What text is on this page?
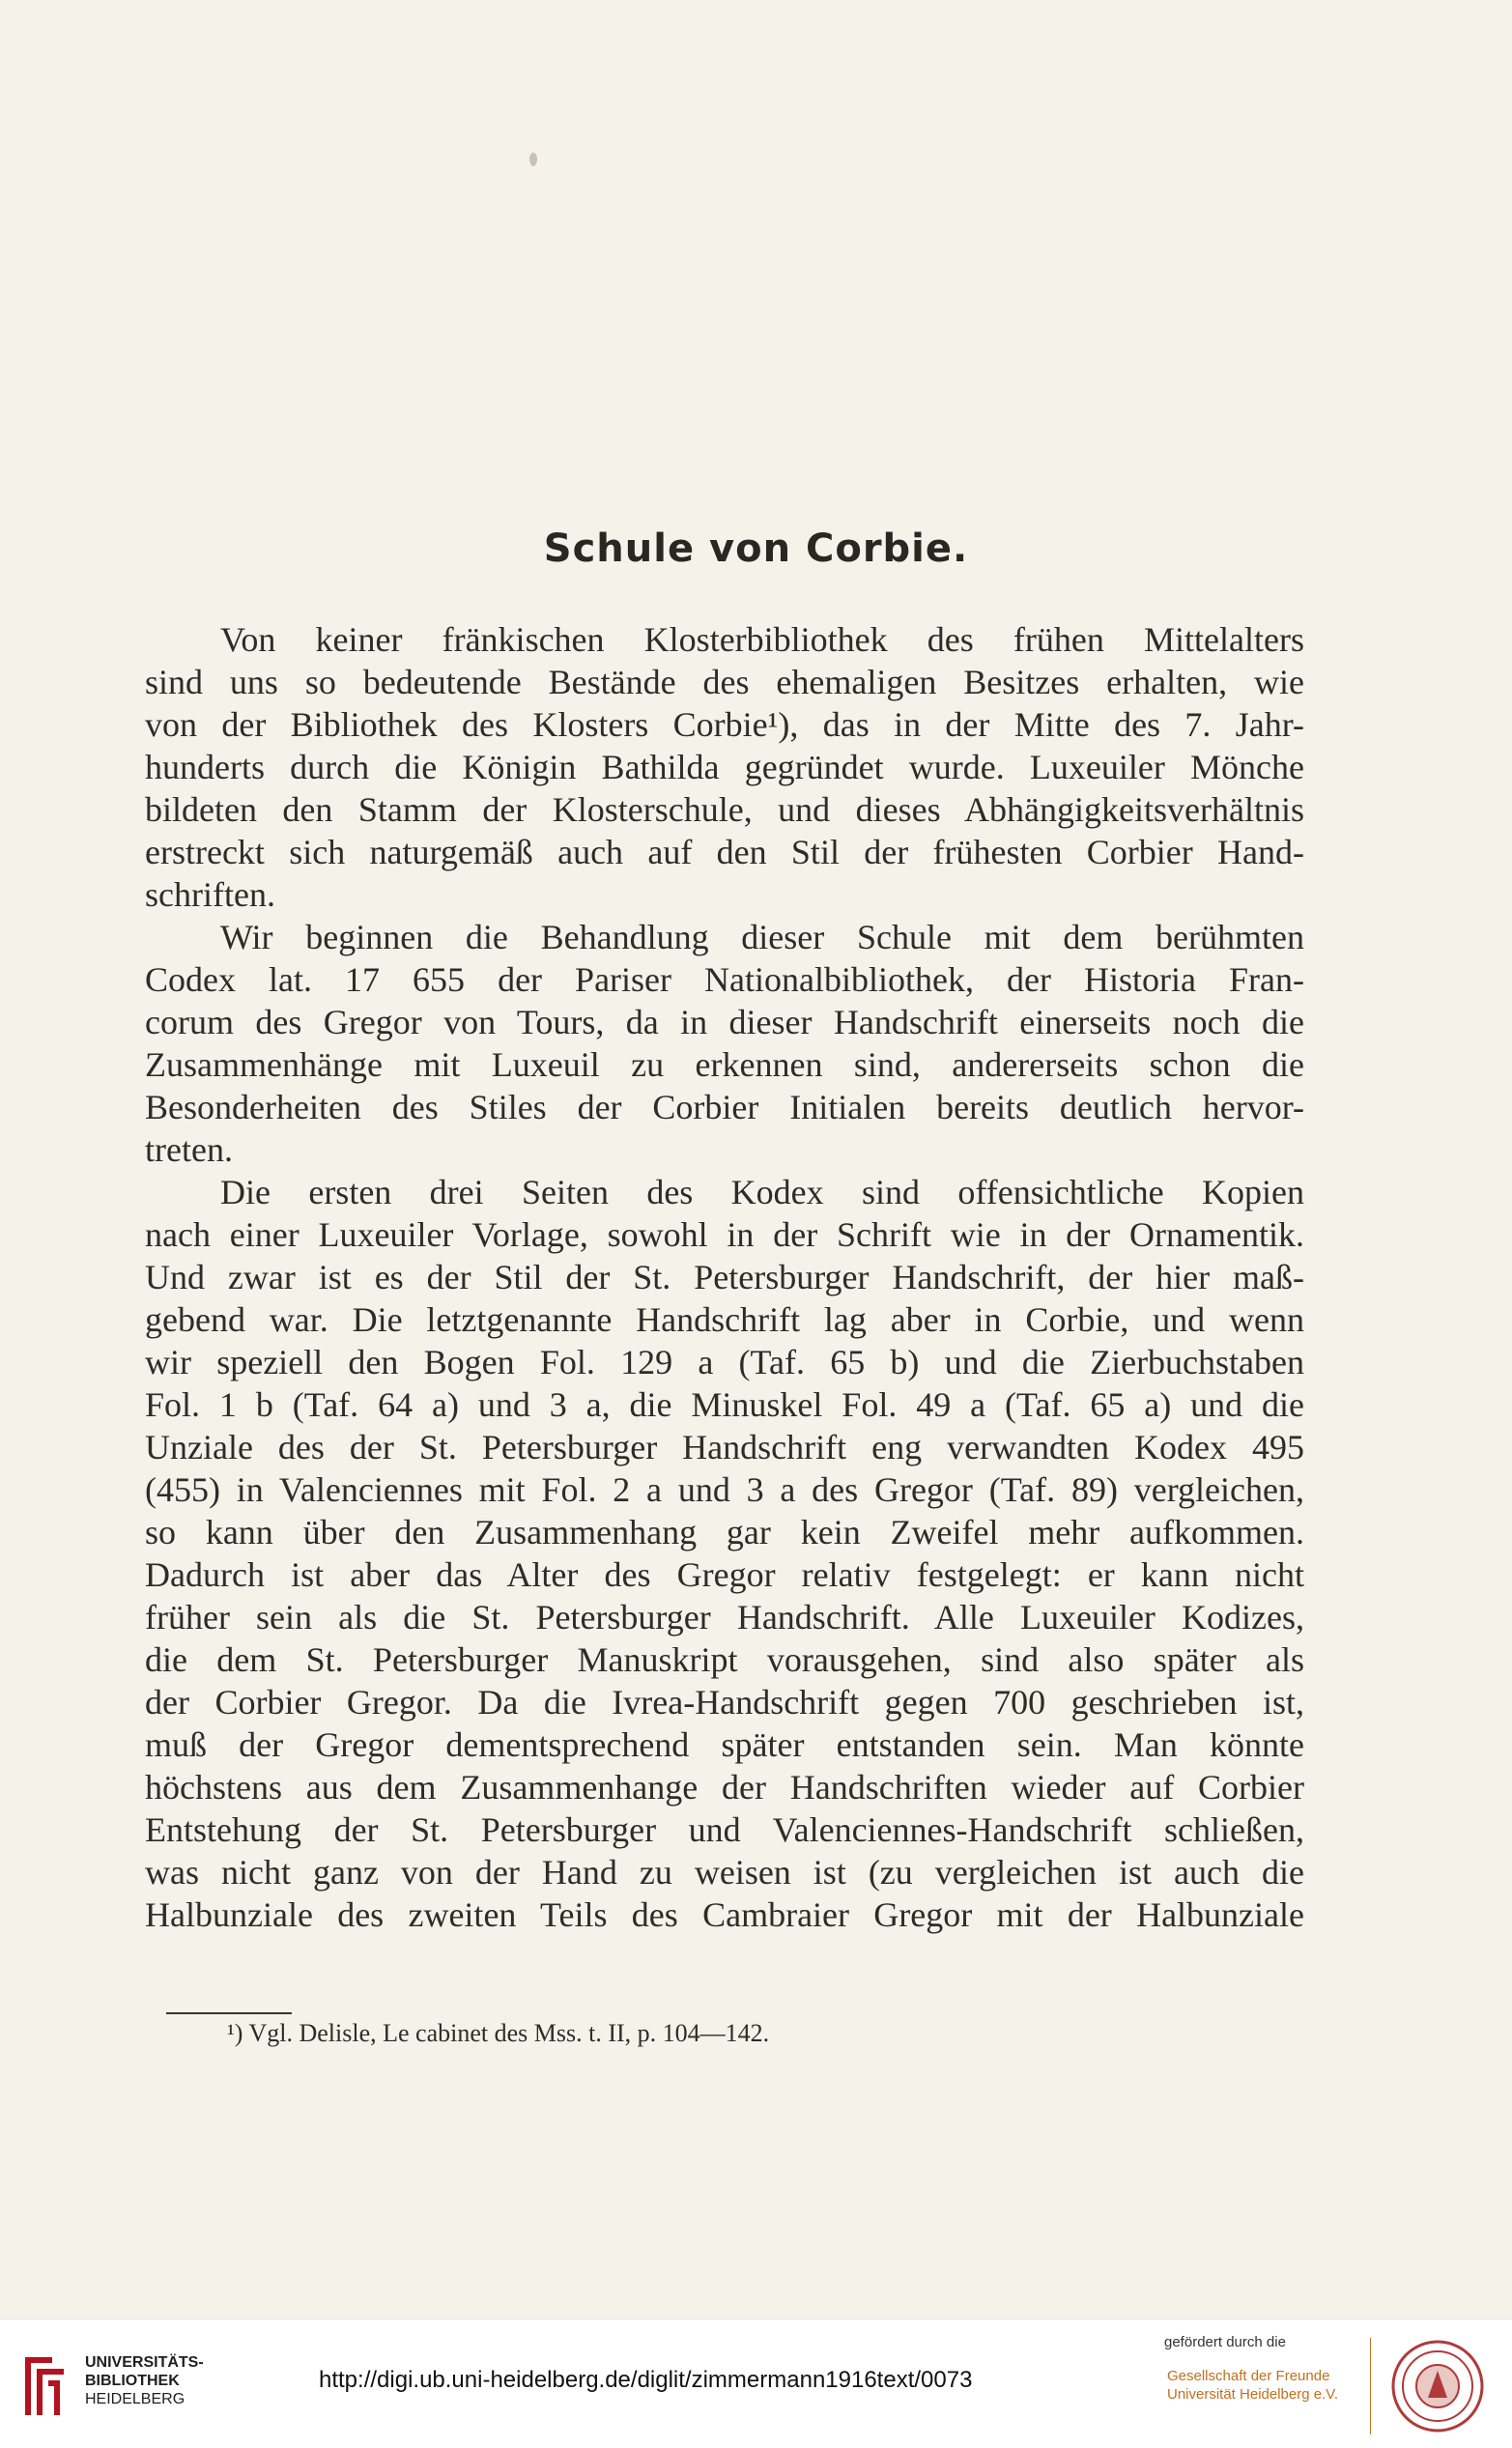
Schule von Corbie.

Von keiner fränkischen Klosterbibliothek des frühen Mittelalters
sind uns so bedeutende Bestände des ehemaligen Besitzes erhalten, wie
von der Bibliothek des Klosters Corbie¹), das in der Mitte des 7. Jahr-
hunderts durch die Königin Bathilda gegründet wurde. Luxeuiler Mönche
bildeten den Stamm der Klosterschule, und dieses Abhängigkeitsverhältnis
erstreckt sich naturgemäß auch auf den Stil der frühesten Corbier Hand-
schriften.

Wir beginnen die Behandlung dieser Schule mit dem berühmten
Codex lat. 17 655 der Pariser Nationalbibliothek, der Historia Fran-
corum des Gregor von Tours, da in dieser Handschrift einerseits noch die
Zusammenhänge mit Luxeuil zu erkennen sind, andererseits schon die
Besonderheiten des Stiles der Corbier Initialen bereits deutlich hervor-
treten.

Die ersten drei Seiten des Kodex sind offensichtliche Kopien
nach einer Luxeuiler Vorlage, sowohl in der Schrift wie in der Ornamentik.
Und zwar ist es der Stil der St. Petersburger Handschrift, der hier maß-
gebend war. Die letztgenannte Handschrift lag aber in Corbie, und wenn
wir speziell den Bogen Fol. 129 a (Taf. 65 b) und die Zierbuchstaben
Fol. 1 b (Taf. 64 a) und 3 a, die Minuskel Fol. 49 a (Taf. 65 a) und die
Unziale des der St. Petersburger Handschrift eng verwandten Kodex 495
(455) in Valenciennes mit Fol. 2 a und 3 a des Gregor (Taf. 89) vergleichen,
so kann über den Zusammenhang gar kein Zweifel mehr aufkommen.
Dadurch ist aber das Alter des Gregor relativ festgelegt: er kann nicht
früher sein als die St. Petersburger Handschrift. Alle Luxeuiler Kodizes,
die dem St. Petersburger Manuskript vorausgehen, sind also später als
der Corbier Gregor. Da die Ivrea-Handschrift gegen 700 geschrieben ist,
muß der Gregor dementsprechend später entstanden sein. Man könnte
höchstens aus dem Zusammenhange der Handschriften wieder auf Corbier
Entstehung der St. Petersburger und Valenciennes-Handschrift schließen,
was nicht ganz von der Hand zu weisen ist (zu vergleichen ist auch die
Halbunziale des zweiten Teils des Cambraier Gregor mit der Halbunziale

¹) Vgl. Delisle, Le cabinet des Mss. t. II, p. 104—142.
UNIVERSITÄTS-
BIBLIOTHEK
HEIDELBERG
http://digi.ub.uni-heidelberg.de/diglit/zimmermann1916text/0073
gefördert durch die
Gesellschaft der Freunde
Universität Heidelberg e.V.
